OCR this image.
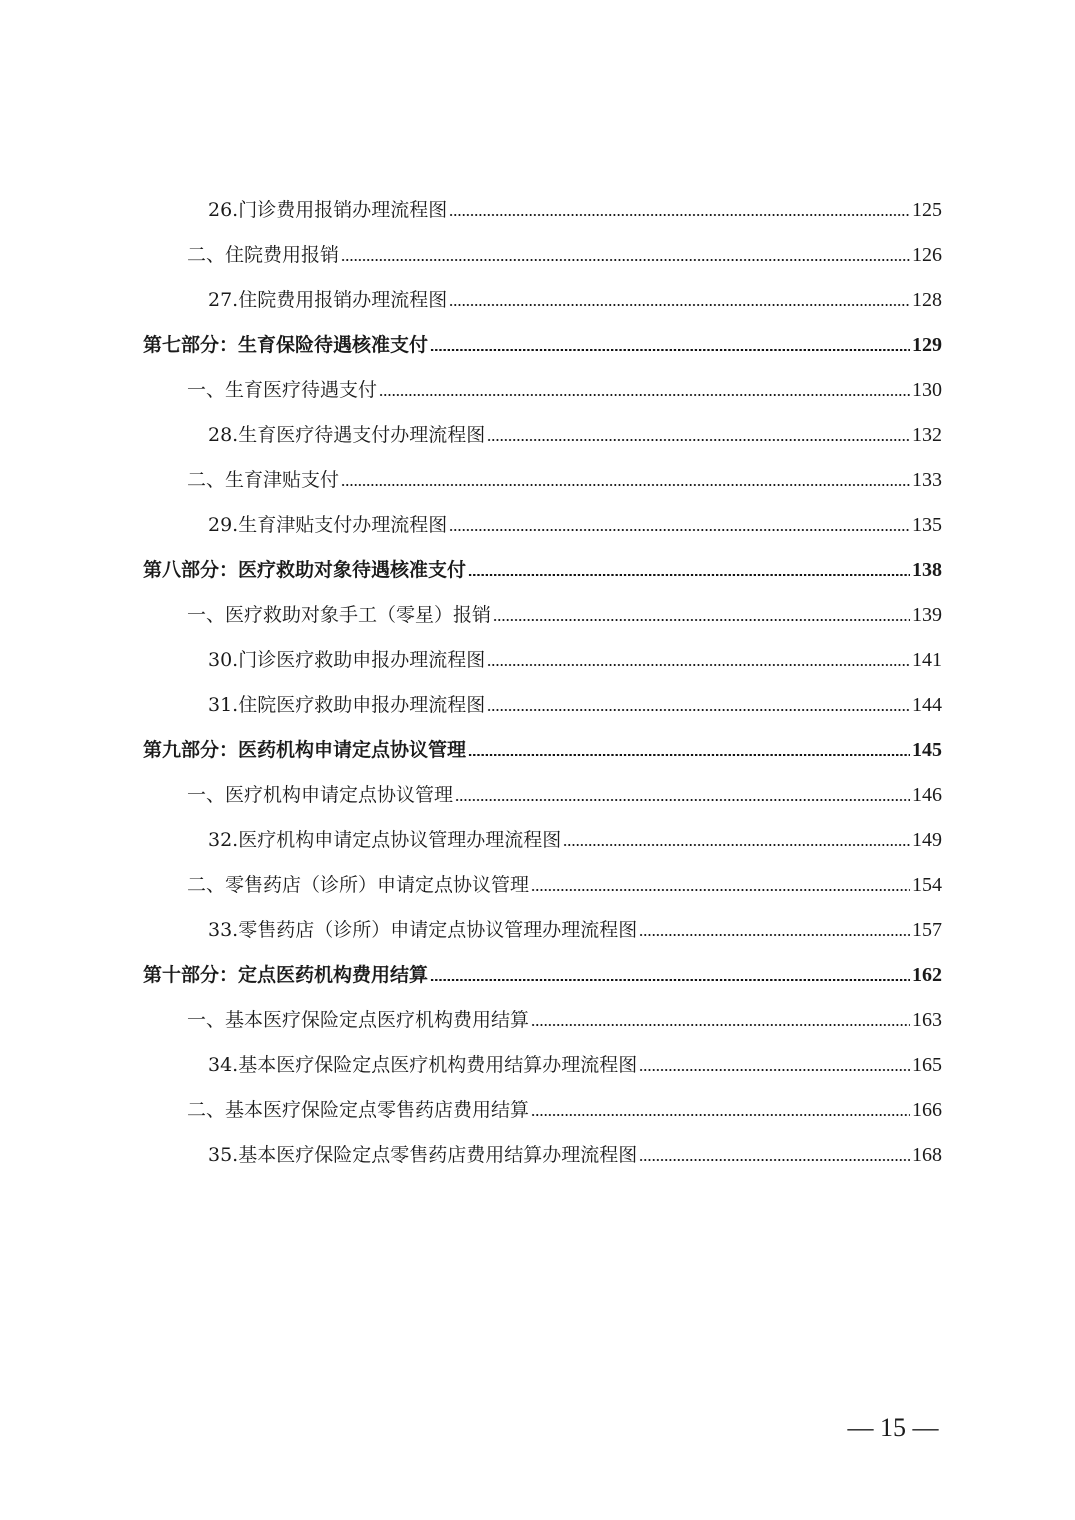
26.门诊费用报销办理流程图	125
二、住院费用报销	126
27.住院费用报销办理流程图	128
第七部分：生育保险待遇核准支付	129
一、生育医疗待遇支付	130
28.生育医疗待遇支付办理流程图	132
二、生育津贴支付	133
29.生育津贴支付办理流程图	135
第八部分：医疗救助对象待遇核准支付	138
一、医疗救助对象手工（零星）报销	139
30.门诊医疗救助申报办理流程图	141
31.住院医疗救助申报办理流程图	144
第九部分：医药机构申请定点协议管理	145
一、医疗机构申请定点协议管理	146
32.医疗机构申请定点协议管理办理流程图	149
二、零售药店（诊所）申请定点协议管理	154
33.零售药店（诊所）申请定点协议管理办理流程图	157
第十部分：定点医药机构费用结算	162
一、基本医疗保险定点医疗机构费用结算	163
34.基本医疗保险定点医疗机构费用结算办理流程图	165
二、基本医疗保险定点零售药店费用结算	166
35.基本医疗保险定点零售药店费用结算办理流程图	168
— 15 —
